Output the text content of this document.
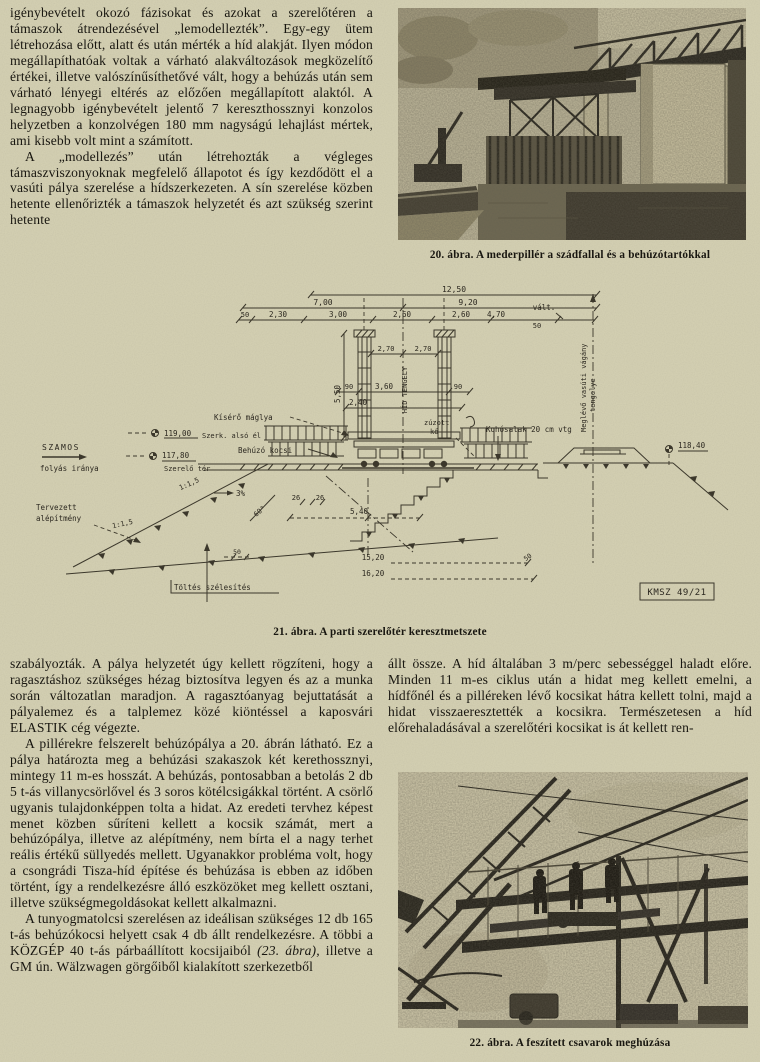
igénybevételt okozó fázisokat és azokat a szerelőtéren a támaszok átrendezésével „lemodellezték”. Egy-egy ütem létrehozása előtt, alatt és után mérték a híd alakját. Ilyen módon megállapíthatóak voltak a várható alakváltozások megközelítő értékei, illetve valószínűsíthetővé vált, hogy a behúzás után sem várható lényegi eltérés az előzően megállapított alaktól. A legnagyobb igénybevételt jelentő 7 kereszthossznyi konzolos helyzetben a konzolvégen 180 mm nagyságú lehajlást mértek, ami kisebb volt mint a számított.

A „modellezés” után létrehozták a végleges támaszviszonyoknak megfelelő állapotot és így kezdődött el a vasúti pálya szerelése a hídszerkezeten. A sín szerelése közben hetente ellenőrizték a támaszok helyzetét és azt szükség szerint hetente

20. ábra. A mederpillér a szádfallal és a behúzótartókkal
12,50
7,00	9,20
50	2,30	3,00	2,60	2,60 4,70
50
vált.
2,70	2,70
HÍD TENGELY
5,50 90	3,60	90
2,40
1:1,5
1:1,5
3%
zúzott
kő	Kohósalak 20 cm vtg Meglévő vasúti vágány tengelye
119,00 Szerk. alsó él
117,80
Szerelő tér
118,40
Behúzó kocsi
Kísérő máglya
SZAMOS
folyás iránya
Tervezett
alépítmény
26 26
60°	5,40
50
Töltés szélesítés
15,20	50
16,20
KMSZ 49/21
21. ábra. A parti szerelőtér keresztmetszete

szabályozták. A pálya helyzetét úgy kellett rögzíteni, hogy a ragasztáshoz szükséges hézag biztosítva legyen és az a munka során változatlan maradjon. A ragasztóanyag bejuttatását a pályalemez és a talplemez közé kiöntéssel a kaposvári ELASTIK cég végezte.

A pillérekre felszerelt behúzópálya a 20. ábrán látható. Ez a pálya határozta meg a behúzási szakaszok két kerethossznyi, mintegy 11 m-es hosszát. A behúzás, pontosabban a betolás 2 db 5 t-ás villanycsörlővel és 3 soros kötélcsigákkal történt. A csörlő ugyanis tulajdonképpen tolta a hidat. Az eredeti tervhez képest menet közben sűríteni kellett a kocsik számát, mert a behúzópálya, illetve az alépítmény, nem bírta el a nagy terhet reális értékű süllyedés mellett. Ugyanakkor probléma volt, hogy a csongrádi Tisza-híd építése és behúzása is ebben az időben történt, így a rendelkezésre álló eszközöket meg kellett osztani, illetve szükségmegoldásokat kellett alkalmazni.

A tunyogmatolcsi szerelésen az ideálisan szükséges 12 db 165 t-ás behúzókocsi helyett csak 4 db állt rendelkezésre. A többi a KÖZGÉP 40 t-ás párbaállított kocsijaiból (23. ábra), illetve a GM ún. Wälzwagen görgőiből kialakított szerkezetből

állt össze. A híd általában 3 m/perc sebességgel haladt előre. Minden 11 m-es ciklus után a hidat meg kellett emelni, a hídfőnél és a pilléreken lévő kocsikat hátra kellett tolni, majd a hidat visszaeresztették a kocsikra. Természetesen a híd előrehaladásával a szerelőtéri kocsikat is át kellett ren-

22. ábra. A feszített csavarok meghúzása
